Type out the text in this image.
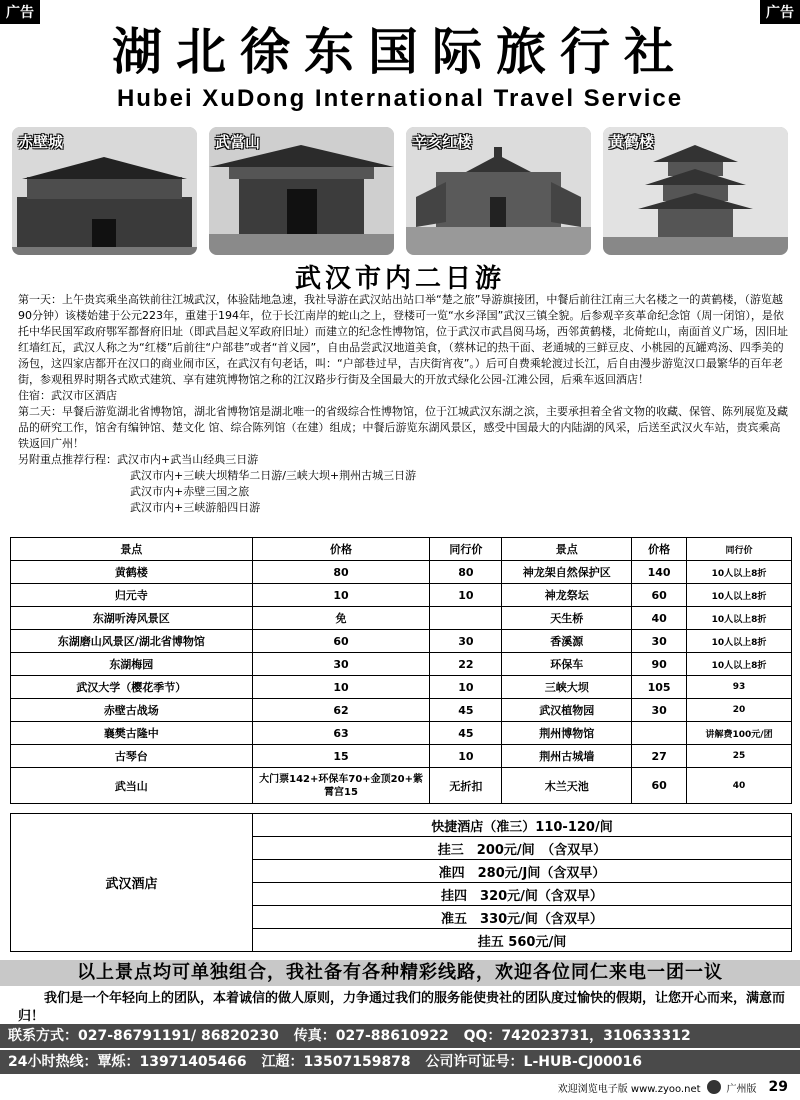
广告	广告
湖北徐东国际旅行社
Hubei XuDong International Travel Service
赤壁城	武當山	辛亥红楼	黄鹤楼
武汉市内二日游

第一天：上午贵宾乘坐高铁前往江城武汉，体验陆地急速，我社导游在武汉站出站口举“楚之旅”导游旗接团，中餐后前往江南三大名楼之一的黄鹤楼，（游览越90分钟）该楼始建于公元223年，重建于194年，位于长江南岸的蛇山之上，登楼可一览“水乡泽国”武汉三镇全貌。后参观辛亥革命纪念馆（周一闭馆），是依托中华民国军政府鄂军都督府旧址（即武昌起义军政府旧址）而建立的纪念性博物馆，位于武汉市武昌阅马场，西邻黄鹤楼，北倚蛇山，南面首义广场，因旧址红墙红瓦，武汉人称之为“红楼”后前往“户部巷”或者“首义园”，自由品尝武汉地道美食，（蔡林记的热干面、老通城的三鲜豆皮、小桃园的瓦罐鸡汤、四季美的汤包，这四家店都开在汉口的商业闹市区，在武汉有句老话，叫：“户部巷过早，吉庆街宵夜”。）后可自费乘轮渡过长江，后自由漫步游览汉口最繁华的百年老街，参观租界时期各式欧式建筑、享有建筑博物馆之称的江汉路步行街及全国最大的开放式绿化公园-江滩公园，后乘车返回酒店！

住宿：武汉市区酒店

第二天：早餐后游览湖北省博物馆，湖北省博物馆是湖北唯一的省级综合性博物馆，位于江城武汉东湖之滨，主要承担着全省文物的收藏、保管、陈列展览及藏品的研究工作，馆舍有编钟馆、楚文化 馆、综合陈列馆（在建）组成；中餐后游览东湖风景区，感受中国最大的内陆湖的风采，后送至武汉火车站，贵宾乘高铁返回广州！

另附重点推荐行程：武汉市内+武当山经典三日游

武汉市内+三峡大坝精华二日游/三峡大坝+荆州古城三日游

武汉市内+赤壁三国之旅

武汉市内+三峡游船四日游

景点	价格	同行价	景点	价格	同行价
黄鹤楼	80	80	神龙架自然保护区	140	10人以上8折
归元寺	10	10	神龙祭坛	60	10人以上8折
东湖听涛风景区	免		天生桥	40	10人以上8折
东湖磨山风景区/湖北省博物馆	60	30	香溪源	30	10人以上8折
东湖梅园	30	22	环保车	90	10人以上8折
武汉大学（樱花季节）	10	10	三峡大坝	105	93
赤壁古战场	62	45	武汉植物园	30	20
襄樊古隆中	63	45	荆州博物馆		讲解费100元/团
古琴台	15	10	荆州古城墙	27	25
武当山	大门票142+环保车70+金顶20+紫霄宫15	无折扣	木兰天池	60	40
武汉酒店	快捷酒店（准三）110-120/间
挂三　200元/间　（含双早）
准四　280元/J间（含双早）
挂四　320元/间（含双早）
准五　330元/间（含双早）
挂五 560元/间
以上景点均可单独组合，我社备有各种精彩线路，欢迎各位同仁来电一团一议
我们是一个年轻向上的团队，本着诚信的做人原则，力争通过我们的服务能使贵社的团队度过愉快的假期，让您开心而来，满意而归！
联系方式：027-86791191/ 86820230 传真：027-88610922 QQ：742023731，310633312
24小时热线：覃烁：13971405466 江超：13507159878 公司许可证号：L-HUB-CJ00016
欢迎浏览电子版 www.zyoo.net	广州版 29
